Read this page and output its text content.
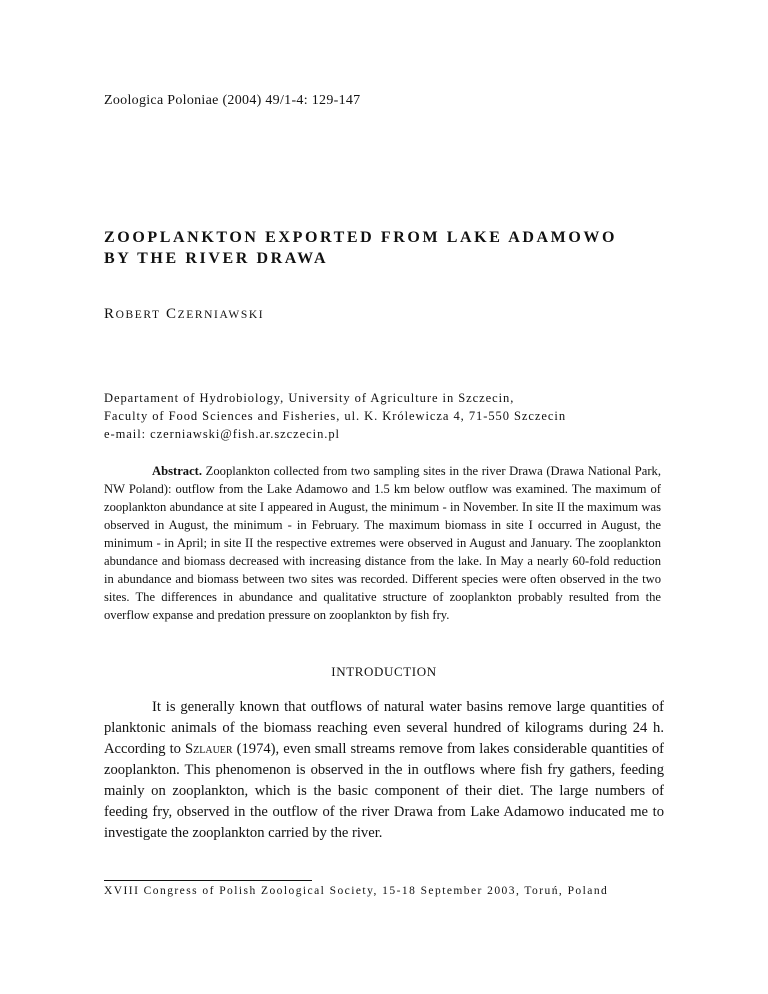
Zoologica Poloniae (2004) 49/1-4: 129-147
ZOOPLANKTON EXPORTED FROM LAKE ADAMOWO
BY THE RIVER DRAWA
ROBERT CZERNIAWSKI
Departament of Hydrobiology, University of Agriculture in Szczecin,
Faculty of Food Sciences and Fisheries, ul. K. Królewicza 4, 71-550 Szczecin
e-mail: czerniawski@fish.ar.szczecin.pl

Abstract. Zooplankton collected from two sampling sites in the river Drawa (Drawa National Park, NW Poland): outflow from the Lake Adamowo and 1.5 km below outflow was examined. The maximum of zooplankton abundance at site I appeared in August, the minimum - in November. In site II the maximum was observed in August, the minimum - in February. The maximum biomass in site I occurred in August, the minimum - in April; in site II the respective extremes were observed in August and January. The zooplankton abundance and biomass decreased with increasing distance from the lake. In May a nearly 60-fold reduction in abundance and biomass between two sites was recorded. Different species were often observed in the two sites. The differences in abundance and qualitative structure of zooplankton probably resulted from the overflow expanse and predation pressure on zooplankton by fish fry.

INTRODUCTION

It is generally known that outflows of natural water basins remove large quantities of planktonic animals of the biomass reaching even several hundred of kilograms during 24 h. According to Szlauer (1974), even small streams remove from lakes considerable quantities of zooplankton. This phenomenon is observed in the in outflows where fish fry gathers, feeding mainly on zooplankton, which is the basic component of their diet. The large numbers of feeding fry, observed in the outflow of the river Drawa from Lake Adamowo inducated me to investigate the zooplankton carried by the river.

XVIII Congress of Polish Zoological Society, 15-18 September 2003, Toruń, Poland
